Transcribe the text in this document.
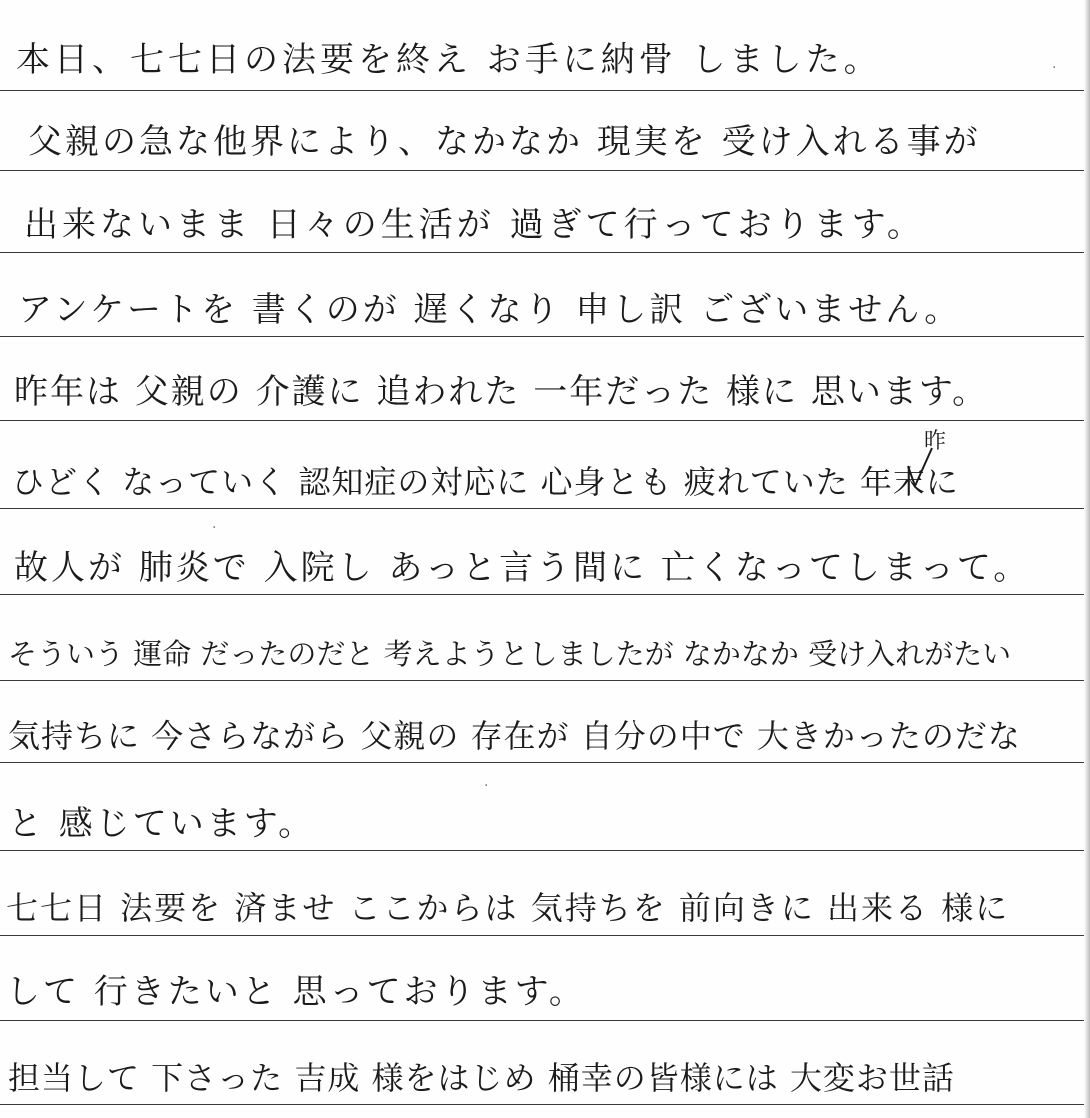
本日、七七日の法要を終え お手に納骨 しました。
父親の急な他界により、なかなか 現実を 受け入れる事が
出来ないまま 日々の生活が 過ぎて行っております。
アンケートを 書くのが 遅くなり 申し訳 ございません。
昨年は 父親の 介護に 追われた 一年だった 様に 思います。
ひどく なっていく 認知症の対応に 心身とも 疲れていた 年末に
故人が 肺炎で 入院し あっと言う間に 亡くなってしまって。
そういう 運命 だったのだと 考えようとしましたが なかなか 受け入れがたい
気持ちに 今さらながら 父親の 存在が 自分の中で 大きかったのだな
と 感じています。
七七日 法要を 済ませ ここからは 気持ちを 前向きに 出来る 様に
して 行きたいと 思っております。
担当して 下さった 吉成 様をはじめ 桶幸の皆様には 大変お世話
昨
·
·
·
